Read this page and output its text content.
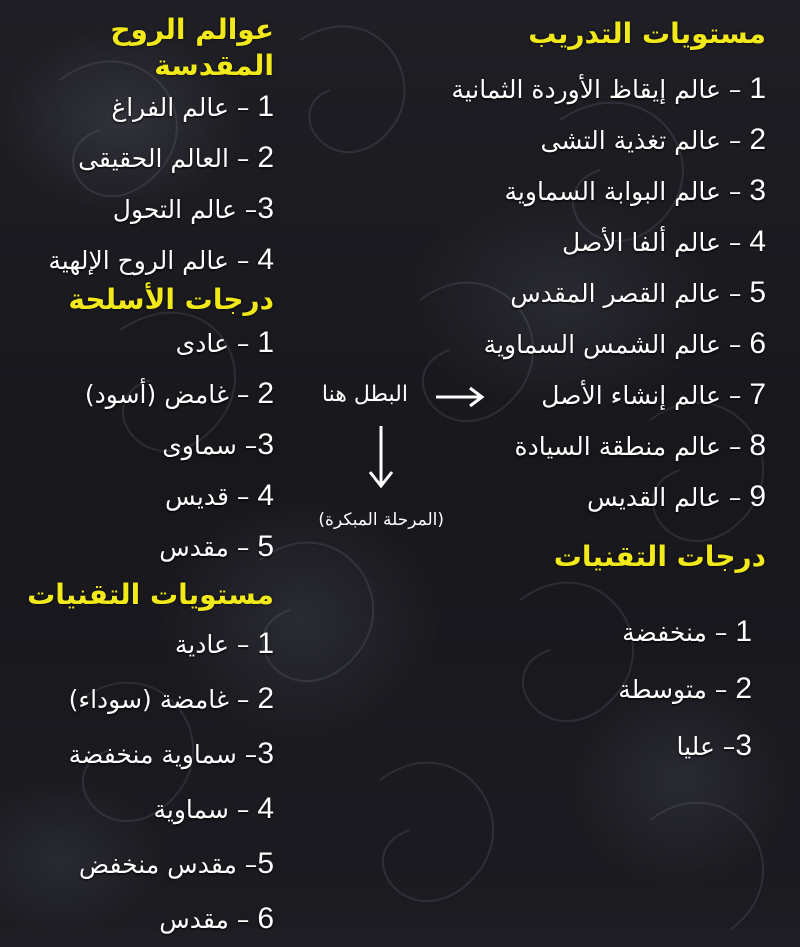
عوالم الروح المقدسة
1 – عالم الفراغ
2 – العالم الحقيقى
3– عالم التحول
4 – عالم الروح الإلهية
درجات الأسلحة
1 – عادى
2 – غامض (أسود)
3– سماوى
4 – قديس
5 – مقدس
مستويات التقنيات
1 – عادية
2 – غامضة (سوداء)
3– سماوية منخفضة
4 – سماوية
5– مقدس منخفض
6 – مقدس
البطل هنا
(المرحلة المبكرة)
مستويات التدريب
1 – عالم إيقاظ الأوردة الثمانية
2 – عالم تغذية التشى
3 – عالم البوابة السماوية
4 – عالم ألفا الأصل
5 – عالم القصر المقدس
6 – عالم الشمس السماوية
7 – عالم إنشاء الأصل
8 – عالم منطقة السيادة
9 – عالم القديس
درجات التقنيات
1 – منخفضة
2 – متوسطة
3– عليا
